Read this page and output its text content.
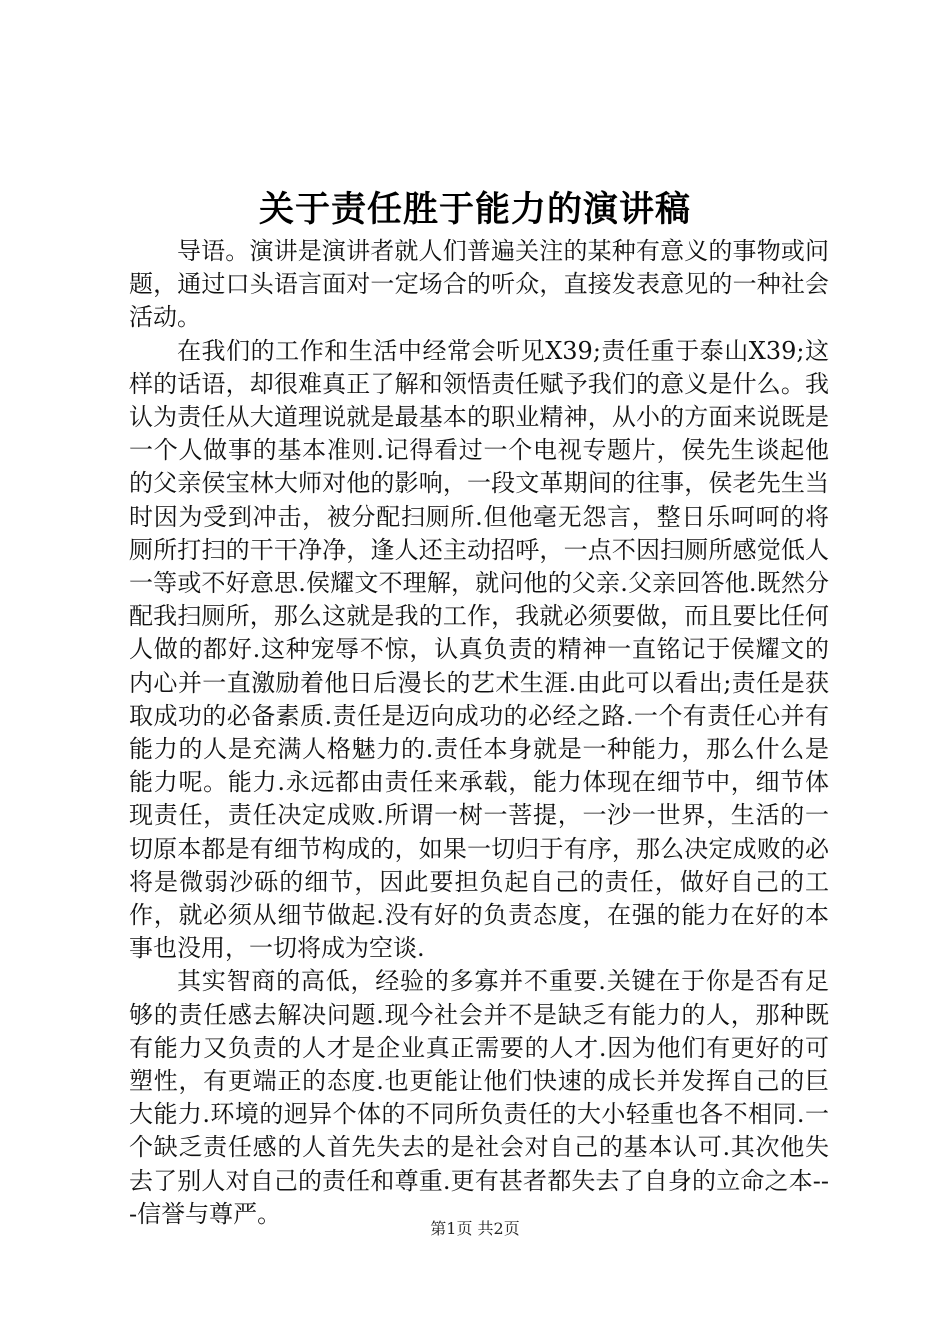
关于责任胜于能力的演讲稿

导语。演讲是演讲者就人们普遍关注的某种有意义的事物或问题，通过口头语言面对一定场合的听众，直接发表意见的一种社会活动。

在我们的工作和生活中经常会听见X39;责任重于泰山X39;这样的话语，却很难真正了解和领悟责任赋予我们的意义是什么。我认为责任从大道理说就是最基本的职业精神，从小的方面来说既是一个人做事的基本准则.记得看过一个电视专题片，侯先生谈起他的父亲侯宝林大师对他的影响，一段文革期间的往事，侯老先生当时因为受到冲击，被分配扫厕所.但他毫无怨言，整日乐呵呵的将厕所打扫的干干净净，逢人还主动招呼，一点不因扫厕所感觉低人一等或不好意思.侯耀文不理解，就问他的父亲.父亲回答他.既然分配我扫厕所，那么这就是我的工作，我就必须要做，而且要比任何人做的都好.这种宠辱不惊，认真负责的精神一直铭记于侯耀文的内心并一直激励着他日后漫长的艺术生涯.由此可以看出;责任是获取成功的必备素质.责任是迈向成功的必经之路.一个有责任心并有能力的人是充满人格魅力的.责任本身就是一种能力，那么什么是能力呢。能力.永远都由责任来承载，能力体现在细节中，细节体现责任，责任决定成败.所谓一树一菩提，一沙一世界，生活的一切原本都是有细节构成的，如果一切归于有序，那么决定成败的必将是微弱沙砾的细节，因此要担负起自己的责任，做好自己的工作，就必须从细节做起.没有好的负责态度，在强的能力在好的本事也没用，一切将成为空谈.

其实智商的高低，经验的多寡并不重要.关键在于你是否有足够的责任感去解决问题.现今社会并不是缺乏有能力的人，那种既有能力又负责的人才是企业真正需要的人才.因为他们有更好的可塑性，有更端正的态度.也更能让他们快速的成长并发挥自己的巨大能力.环境的迥异个体的不同所负责任的大小轻重也各不相同.一个缺乏责任感的人首先失去的是社会对自己的基本认可.其次他失去了别人对自己的责任和尊重.更有甚者都失去了自身的立命之本---信誉与尊严。

第1页 共2页
